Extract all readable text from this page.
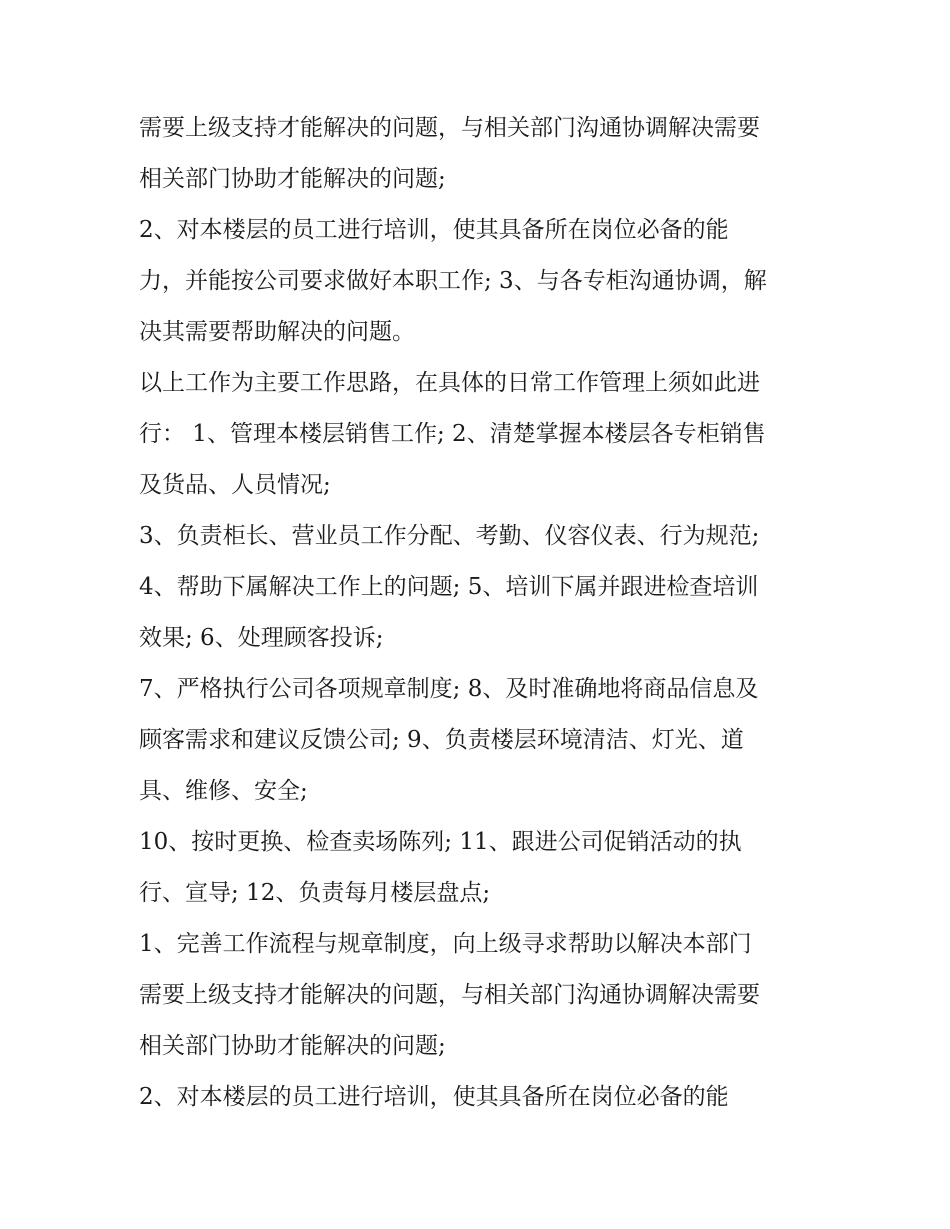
需要上级支持才能解决的问题，与相关部门沟通协调解决需要
相关部门协助才能解决的问题;
2、对本楼层的员工进行培训，使其具备所在岗位必备的能
力，并能按公司要求做好本职工作; 3、与各专柜沟通协调，解
决其需要帮助解决的问题。
以上工作为主要工作思路，在具体的日常工作管理上须如此进
行： 1、管理本楼层销售工作; 2、清楚掌握本楼层各专柜销售
及货品、人员情况;
3、负责柜长、营业员工作分配、考勤、仪容仪表、行为规范;
4、帮助下属解决工作上的问题; 5、培训下属并跟进检查培训
效果; 6、处理顾客投诉;
7、严格执行公司各项规章制度; 8、及时准确地将商品信息及
顾客需求和建议反馈公司; 9、负责楼层环境清洁、灯光、道
具、维修、安全;
10、按时更换、检查卖场陈列; 11、跟进公司促销活动的执
行、宣导; 12、负责每月楼层盘点;
1、完善工作流程与规章制度，向上级寻求帮助以解决本部门
需要上级支持才能解决的问题，与相关部门沟通协调解决需要
相关部门协助才能解决的问题;
2、对本楼层的员工进行培训，使其具备所在岗位必备的能
